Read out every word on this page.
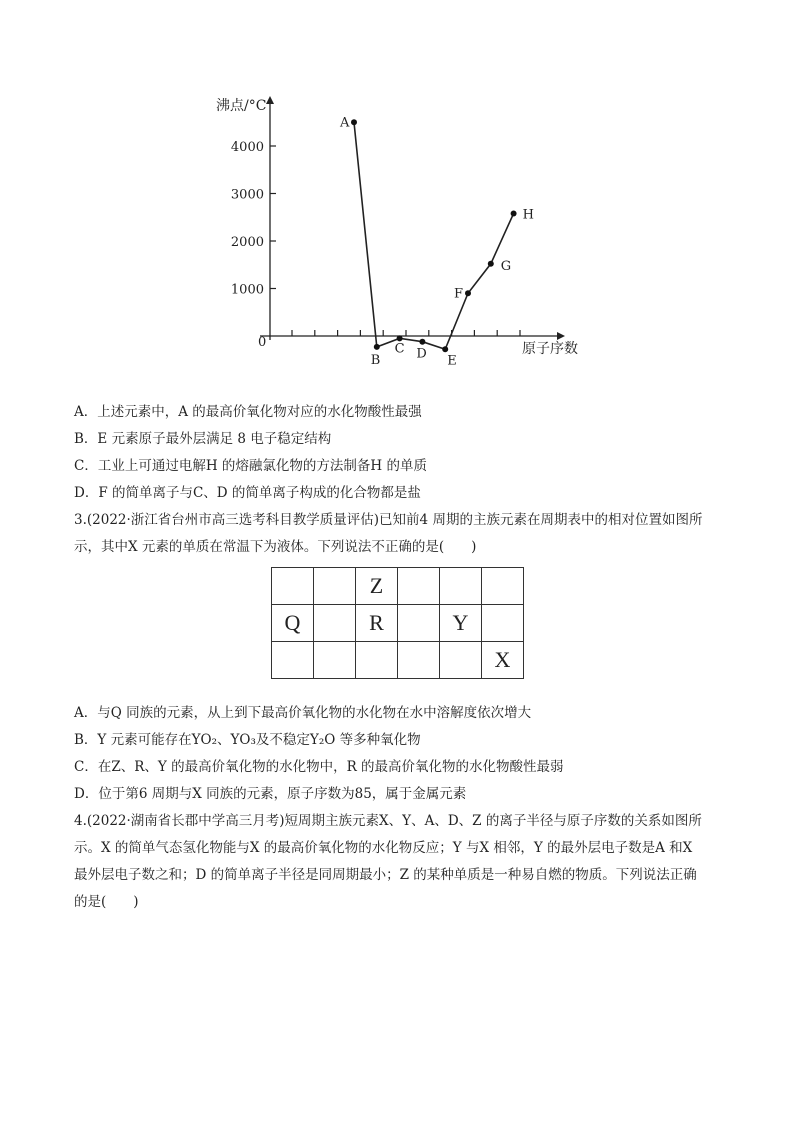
沸点/°C
原子序数
0
1000
2000
3000
4000
A
B
C D E
F
G
H
A．上述元素中，A 的最高价氧化物对应的水化物酸性最强
B．E 元素原子最外层满足 8 电子稳定结构
C．工业上可通过电解H 的熔融氯化物的方法制备H 的单质
D．F 的简单离子与C、D 的简单离子构成的化合物都是盐
3.(2022·浙江省台州市高三选考科目教学质量评估)已知前4 周期的主族元素在周期表中的相对位置如图所
示，其中X 元素的单质在常温下为液体。下列说法不正确的是(　　)
		Z			
Q		R		Y	
					X
A．与Q 同族的元素，从上到下最高价氧化物的水化物在水中溶解度依次增大
B．Y 元素可能存在YO₂、YO₃及不稳定Y₂O 等多种氧化物
C．在Z、R、Y 的最高价氧化物的水化物中，R 的最高价氧化物的水化物酸性最弱
D．位于第6 周期与X 同族的元素，原子序数为85，属于金属元素
4.(2022·湖南省长郡中学高三月考)短周期主族元素X、Y、A、D、Z 的离子半径与原子序数的关系如图所
示。X 的简单气态氢化物能与X 的最高价氧化物的水化物反应；Y 与X 相邻，Y 的最外层电子数是A 和X
最外层电子数之和；D 的简单离子半径是同周期最小；Z 的某种单质是一种易自燃的物质。下列说法正确
的是(　　)
